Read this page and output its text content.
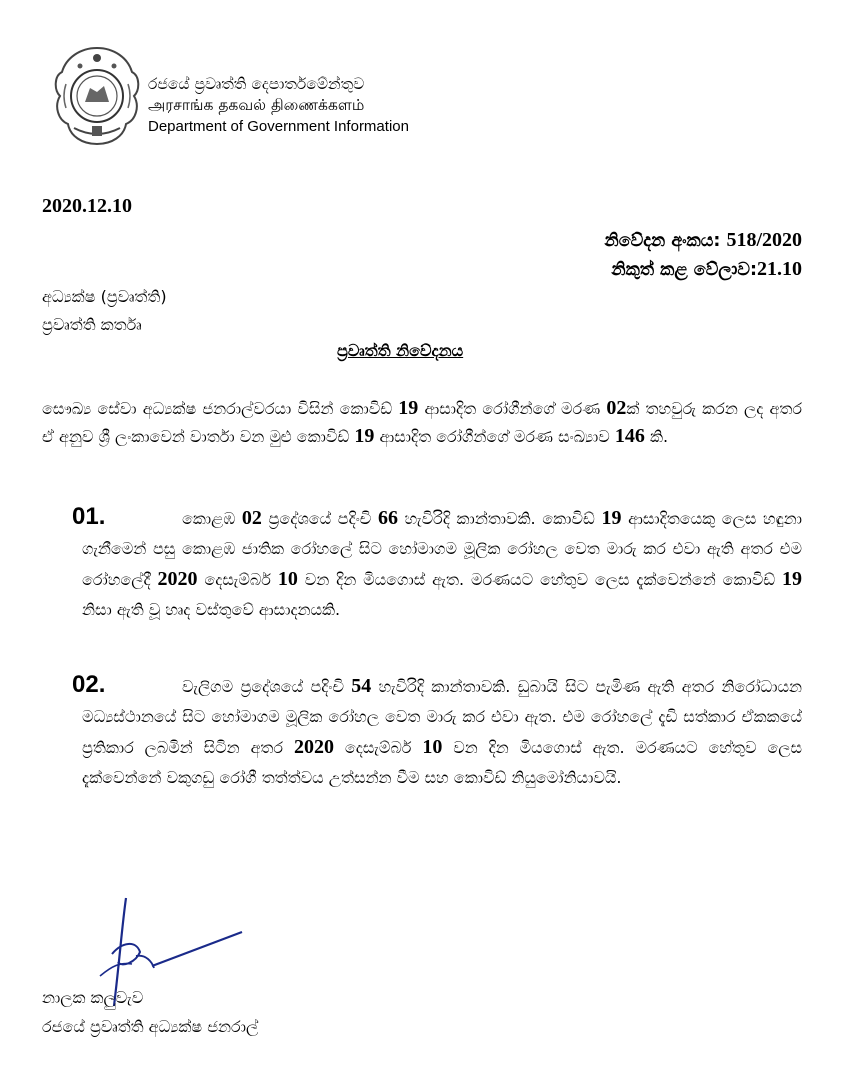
රජයේ ප්‍රවෘත්ති දෙපාර්තමේන්තුව
அரசாங்க தகவல் திணைக்களம்
Department of Government Information
2020.12.10
නිවේදන අංකය: 518/2020
නිකුත් කළ වේලාව:21.10
අධ්‍යක්ෂ (ප්‍රවෘත්ති)
ප්‍රවෘත්ති කර්තෘ
ප්‍රවෘත්ති නිවේදනය
සෞඛ්‍ය සේවා අධ්‍යක්ෂ ජනරාල්වරයා විසින් කොවිඩ් 19 ආසාදිත රෝගීන්ගේ මරණ 02ක් තහවුරු කරන ලද අතර ඒ අනුව ශ්‍රී ලංකාවෙන් වාර්තා වන මුළු කොවිඩ් 19 ආසාදිත රෝගීන්ගේ මරණ සංඛ්‍යාව 146 කි.
01.	කොළඹ 02 ප්‍රදේශයේ පදිංචි 66 හැවිරිදි කාන්තාවකි. කොවිඩ් 19 ආසාදිතයෙකු ලෙස හඳුනා ගැනීමෙන් පසු කොළඹ ජාතික රෝහලේ සිට හෝමාගම මූලික රෝහල වෙත මාරු කර එවා ඇති අතර එම රෝහලේදී 2020 දෙසැම්බර් 10 වන දින මියගොස් ඇත. මරණයට හේතුව ලෙස දැක්වෙන්නේ කොවිඩ් 19 නිසා ඇති වූ හෘද වස්තුවේ ආසාදනයකි.
02.	වැලිගම ප්‍රදේශයේ පදිංචි 54 හැවිරිදි කාන්තාවකි. ඩුබායි සිට පැමිණ ඇති අතර නිරෝධායන මධ්‍යස්ථානයේ සිට හෝමාගම මූලික රෝහල වෙත මාරු කර එවා ඇත. එම රෝහලේ දැඩි සත්කාර ඒකකයේ ප්‍රතිකාර ලබමින් සිටින අතර 2020 දෙසැම්බර් 10 වන දින මියගොස් ඇත. මරණයට හේතුව ලෙස දැක්වෙන්නේ වකුගඩු රෝගී තත්ත්වය උත්සන්න වීම සහ කොවිඩ් නියුමෝනියාවයි.
නාලක කලුවැව
රජයේ ප්‍රවෘත්ති අධ්‍යක්ෂ ජනරාල්
